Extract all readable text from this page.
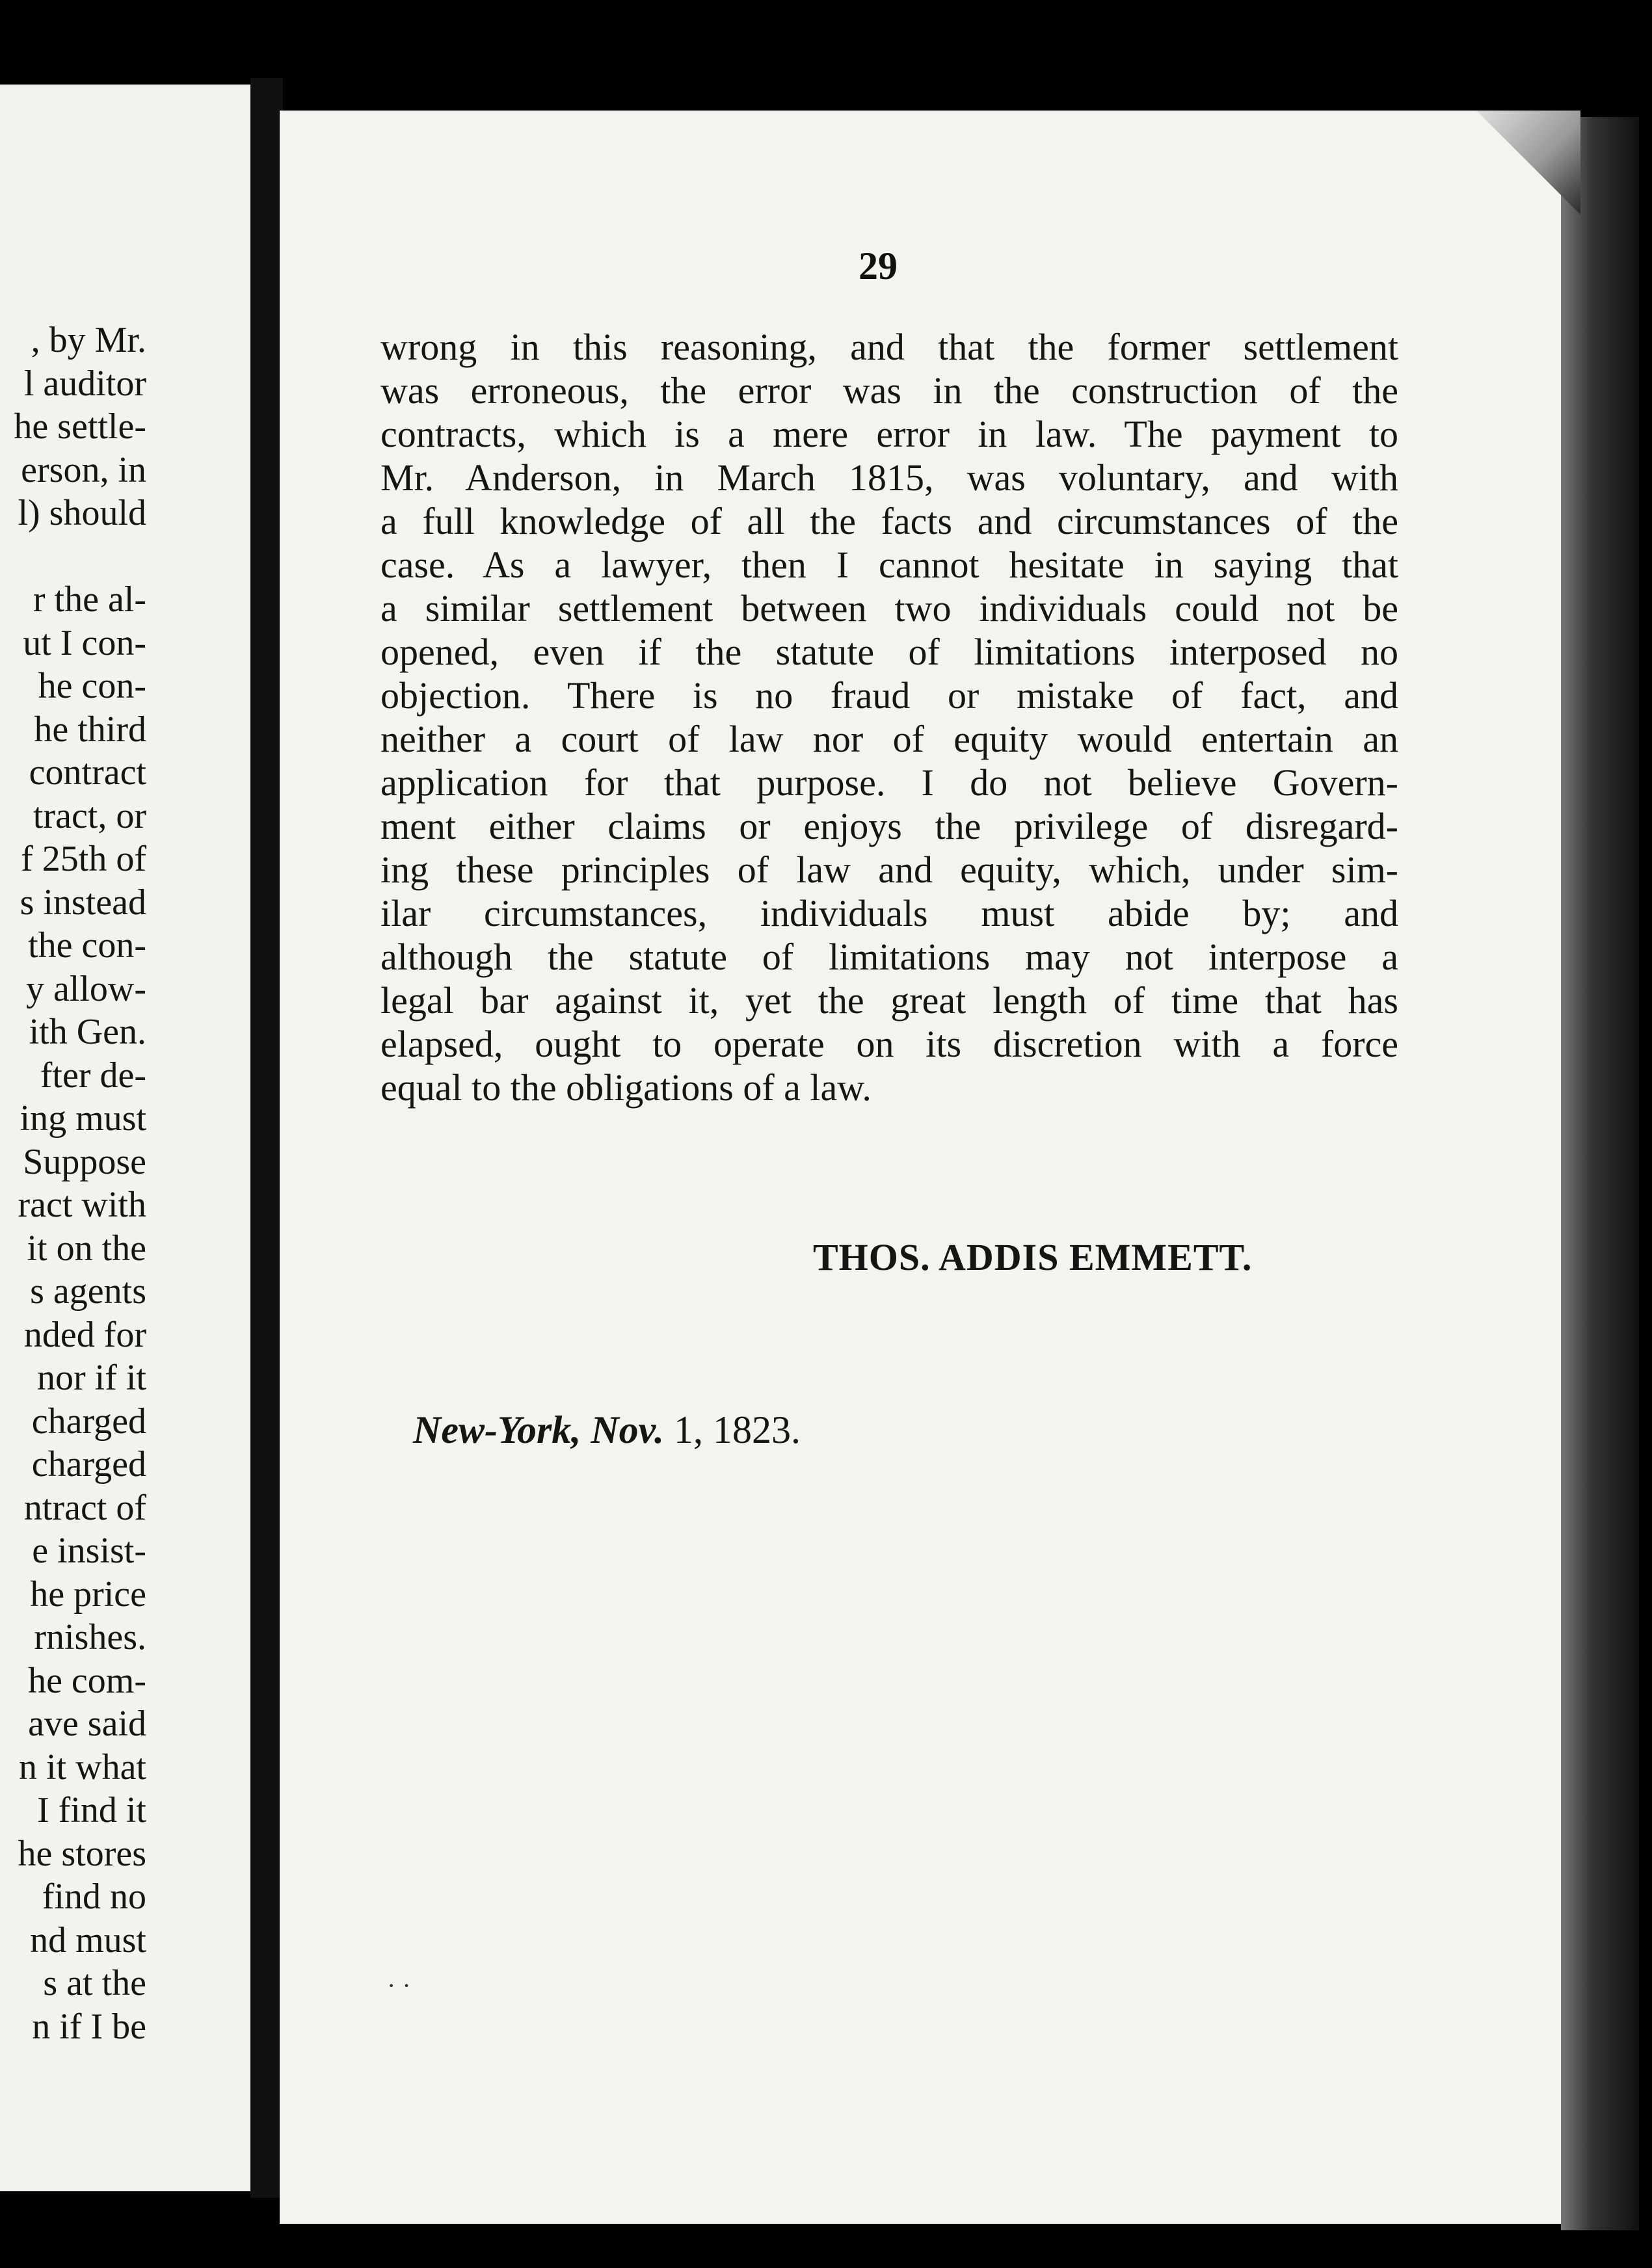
, by Mr.
l auditor
he settle-
erson, in
l) should
r the al-
ut I con-
he con-
he third
contract
tract, or
f 25th of
s instead
the con-
y allow-
ith Gen.
fter de-
ing must
Suppose
ract with
it on the
s agents
nded for
nor if it
charged
charged
ntract of
e insist-
he price
rnishes.
he com-
ave said
n it what
I find it
he stores
find no
nd must
s at the
n if I be
29
wrong in this reasoning, and that the former settlement
was erroneous, the error was in the construction of the
contracts, which is a mere error in law. The payment to
Mr. Anderson, in March 1815, was voluntary, and with
a full knowledge of all the facts and circumstances of the
case. As a lawyer, then I cannot hesitate in saying that
a similar settlement between two individuals could not be
opened, even if the statute of limitations interposed no
objection. There is no fraud or mistake of fact, and
neither a court of law nor of equity would entertain an
application for that purpose. I do not believe Govern-
ment either claims or enjoys the privilege of disregard-
ing these principles of law and equity, which, under sim-
ilar circumstances, individuals must abide by; and
although the statute of limitations may not interpose a
legal bar against it, yet the great length of time that has
elapsed, ought to operate on its discretion with a force
equal to the obligations of a law.
THOS. ADDIS EMMETT.
New-York, Nov. 1, 1823.
· ·
